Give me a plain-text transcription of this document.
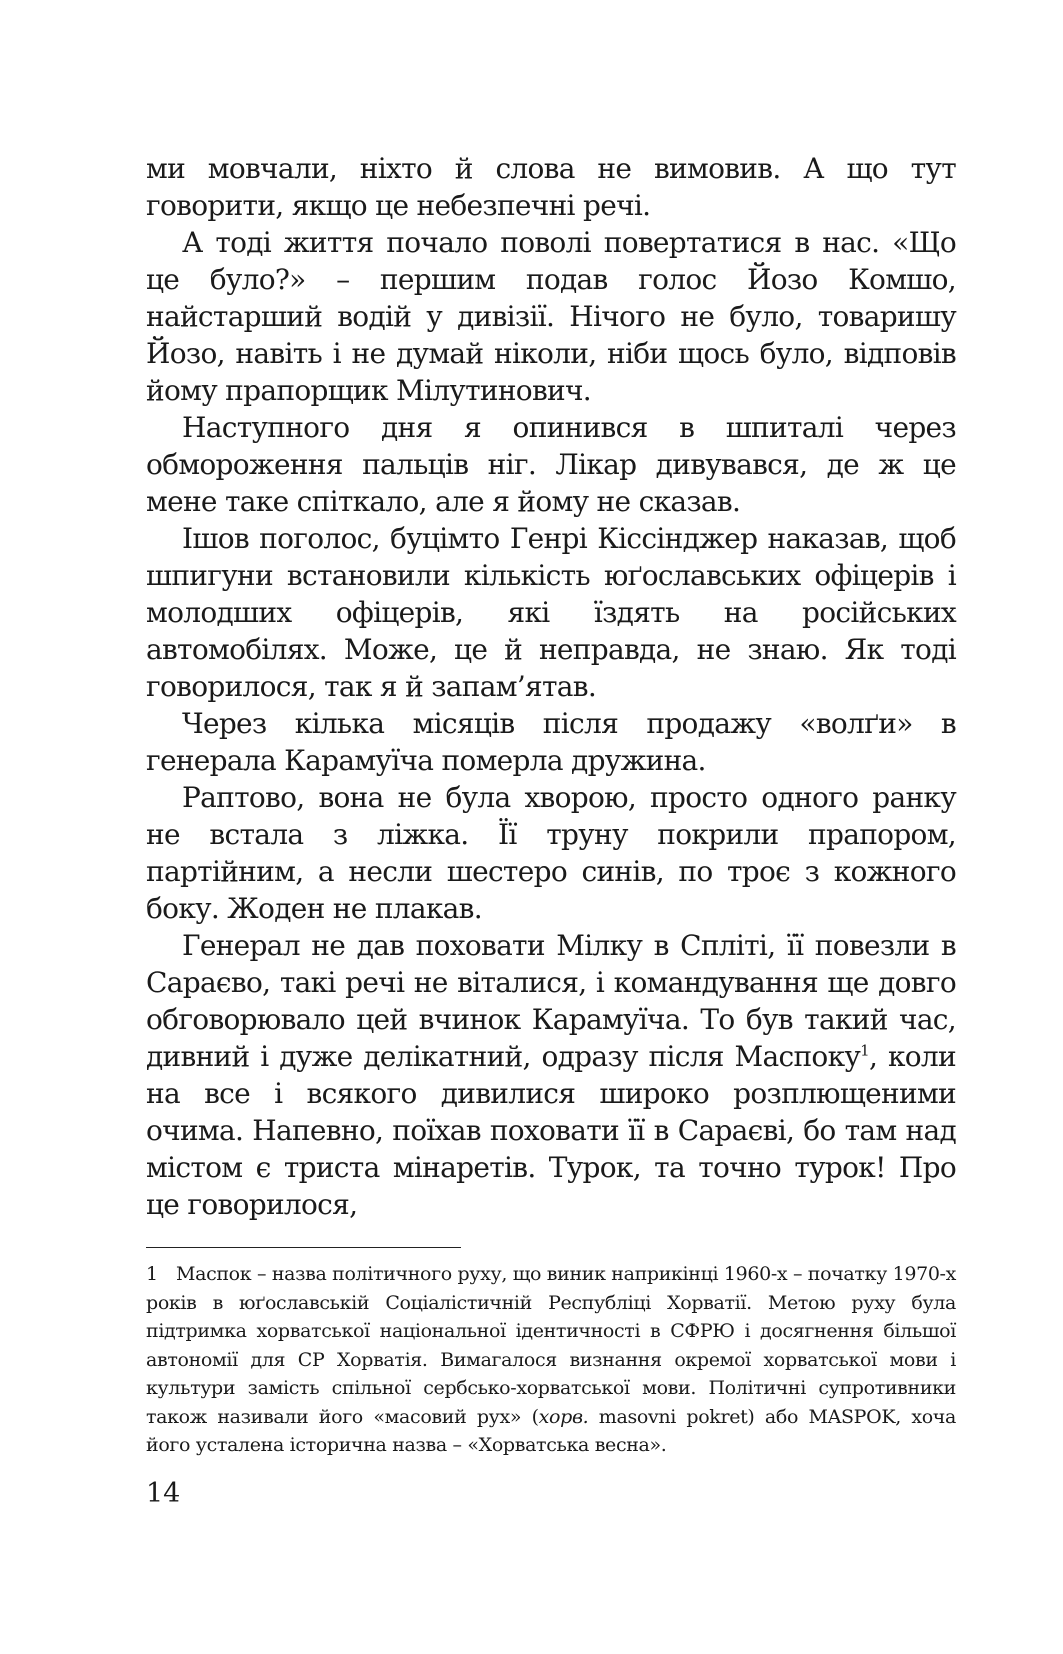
ми мовчали, ніхто й слова не вимовив. А що тут говорити, якщо це небезпечні речі.

А тоді життя почало поволі повертатися в нас. «Що це було?» – першим подав голос Йозо Комшо, найстарший водій у дивізії. Нічого не було, товаришу Йозо, навіть і не думай ніколи, ніби щось було, відповів йому прапорщик Мілутинович.

Наступного дня я опинився в шпиталі через обмороження пальців ніг. Лікар дивувався, де ж це мене таке спіткало, але я йому не сказав.

Ішов поголос, буцімто Генрі Кіссінджер наказав, щоб шпигуни встановили кількість юґославських офіцерів і молодших офіцерів, які їздять на російських автомобілях. Може, це й неправда, не знаю. Як тоді говорилося, так я й запам’ятав.

Через кілька місяців після продажу «волґи» в генерала Карамуїча померла дружина.

Раптово, вона не була хворою, просто одного ранку не встала з ліжка. Її труну покрили прапором, партійним, а несли шестеро синів, по троє з кожного боку. Жоден не плакав.

Генерал не дав поховати Мілку в Спліті, її повезли в Сараєво, такі речі не віталися, і командування ще довго обговорювало цей вчинок Карамуїча. То був такий час, дивний і дуже делікатний, одразу після Маспоку$^1$, коли на все і всякого дивилися широко розплющеними очима. Напевно, поїхав поховати її в Сараєві, бо там над містом є триста мінаретів. Турок, та точно турок! Про це говорилося,

1 Маспок – назва політичного руху, що виник наприкінці 1960-х – початку 1970-х років в юґославській Соціалістичній Республіці Хорватії. Метою руху була підтримка хорватської національної ідентичності в СФРЮ і досягнення більшої автономії для СР Хорватія. Вимагалося визнання окремої хорватської мови і культури замість спільної сербсько-хорватської мови. Політичні супротивники також називали його «масовий рух» (хорв. masovni pokret) або MASPOK, хоча його усталена історична назва – «Хорватська весна».

14
